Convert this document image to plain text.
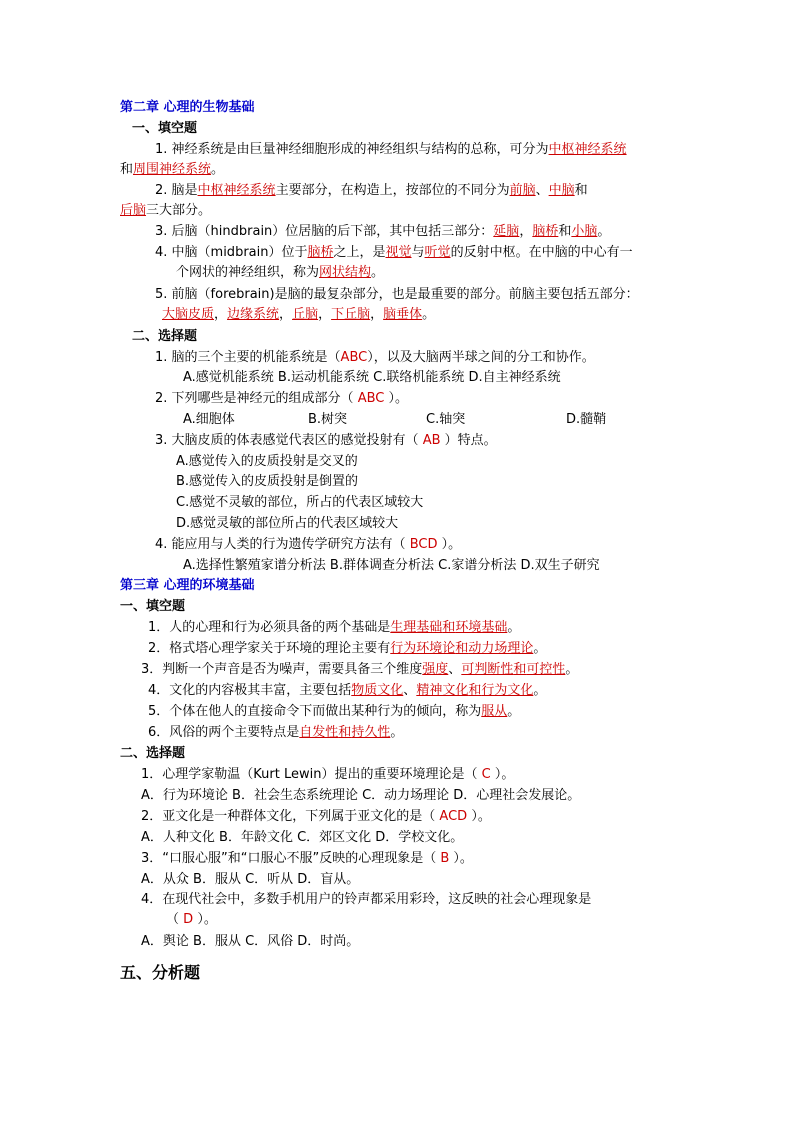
第二章 心理的生物基础
一、填空题
1. 神经系统是由巨量神经细胞形成的神经组织与结构的总称，可分为中枢神经系统
和周围神经系统。
2. 脑是中枢神经系统主要部分，在构造上，按部位的不同分为前脑、中脑和
后脑三大部分。
3. 后脑（hindbrain）位居脑的后下部，其中包括三部分：延脑，脑桥和小脑。
4. 中脑（midbrain）位于脑桥之上，是视觉与听觉的反射中枢。在中脑的中心有一
个网状的神经组织，称为网状结构。
5. 前脑（forebrain)是脑的最复杂部分，也是最重要的部分。前脑主要包括五部分：
大脑皮质，边缘系统，丘脑，下丘脑，脑垂体。
二、选择题
1. 脑的三个主要的机能系统是（ABC），以及大脑两半球之间的分工和协作。
A.感觉机能系统 B.运动机能系统 C.联络机能系统 D.自主神经系统
2. 下列哪些是神经元的组成部分（ ABC ）。
A.细胞体	B.树突	C.轴突	D.髓鞘
3. 大脑皮质的体表感觉代表区的感觉投射有（ AB ）特点。
A.感觉传入的皮质投射是交叉的
B.感觉传入的皮质投射是倒置的
C.感觉不灵敏的部位，所占的代表区域较大
D.感觉灵敏的部位所占的代表区域较大
4. 能应用与人类的行为遗传学研究方法有（ BCD ）。
A.选择性繁殖家谱分析法 B.群体调查分析法 C.家谱分析法 D.双生子研究
第三章 心理的环境基础
一、填空题
1．人的心理和行为必须具备的两个基础是生理基础和环境基础。
2．格式塔心理学家关于环境的理论主要有行为环境论和动力场理论。
3．判断一个声音是否为噪声，需要具备三个维度强度、可判断性和可控性。
4．文化的内容极其丰富，主要包括物质文化、精神文化和行为文化。
5．个体在他人的直接命令下而做出某种行为的倾向，称为服从。
6．风俗的两个主要特点是自发性和持久性。
二、选择题
1．心理学家勒温（Kurt Lewin）提出的重要环境理论是（ C ）。
A．行为环境论 B．社会生态系统理论 C．动力场理论 D．心理社会发展论。
2．亚文化是一种群体文化，下列属于亚文化的是（ ACD ）。
A．人种文化 B．年龄文化 C．郊区文化 D．学校文化。
3．“口服心服”和“口服心不服”反映的心理现象是（ B ）。
A．从众 B．服从 C．听从 D．盲从。
4．在现代社会中，多数手机用户的铃声都采用彩玲，这反映的社会心理现象是
（ D ）。
A．舆论 B．服从 C．风俗 D．时尚。
五、分析题
